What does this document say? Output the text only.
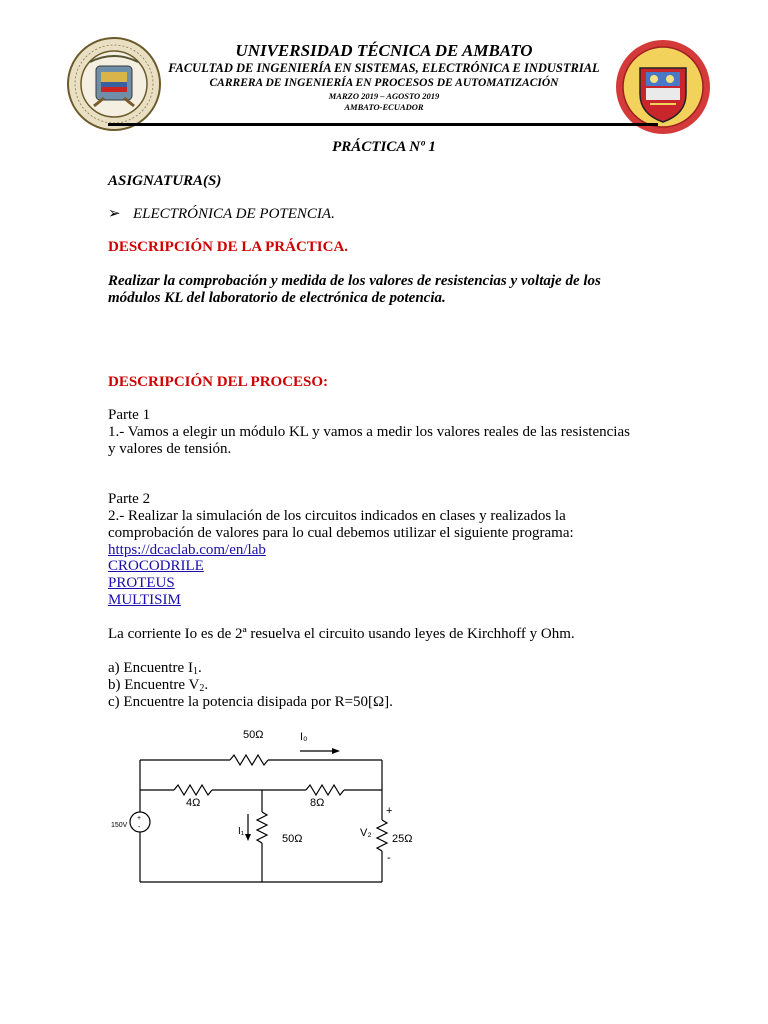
UNIVERSIDAD TÉCNICA DE AMBATO
FACULTAD DE INGENIERÍA EN SISTEMAS, ELECTRÓNICA E INDUSTRIAL
CARRERA DE INGENIERÍA EN PROCESOS DE AUTOMATIZACIÓN
MARZO 2019 – AGOSTO 2019
AMBATO-ECUADOR
PRÁCTICA Nº 1
ASIGNATURA(S)
➢ ELECTRÓNICA DE POTENCIA.
DESCRIPCIÓN DE LA PRÁCTICA.
Realizar la comprobación y medida de los valores de resistencias y voltaje de los
módulos KL del laboratorio de electrónica de potencia.
DESCRIPCIÓN DEL PROCESO:
Parte 1
1.- Vamos a elegir un módulo KL y vamos a medir los valores reales de las resistencias
y valores de tensión.
Parte 2
2.- Realizar la simulación de los circuitos indicados en clases y realizados la
comprobación de valores para lo cual debemos utilizar el siguiente programa:
https://dcaclab.com/en/lab
CROCODRILE
PROTEUS
MULTISIM
La corriente Io es de 2ª resuelva el circuito usando leyes de Kirchhoff y Ohm.
a) Encuentre $I_1$.
b) Encuentre $V_2$.
c) Encuentre la potencia disipada por R=50[Ω].
50Ω	I₀
4Ω	8Ω
150V
+
-	I₁
50Ω	V₂ 25Ω
+
-
